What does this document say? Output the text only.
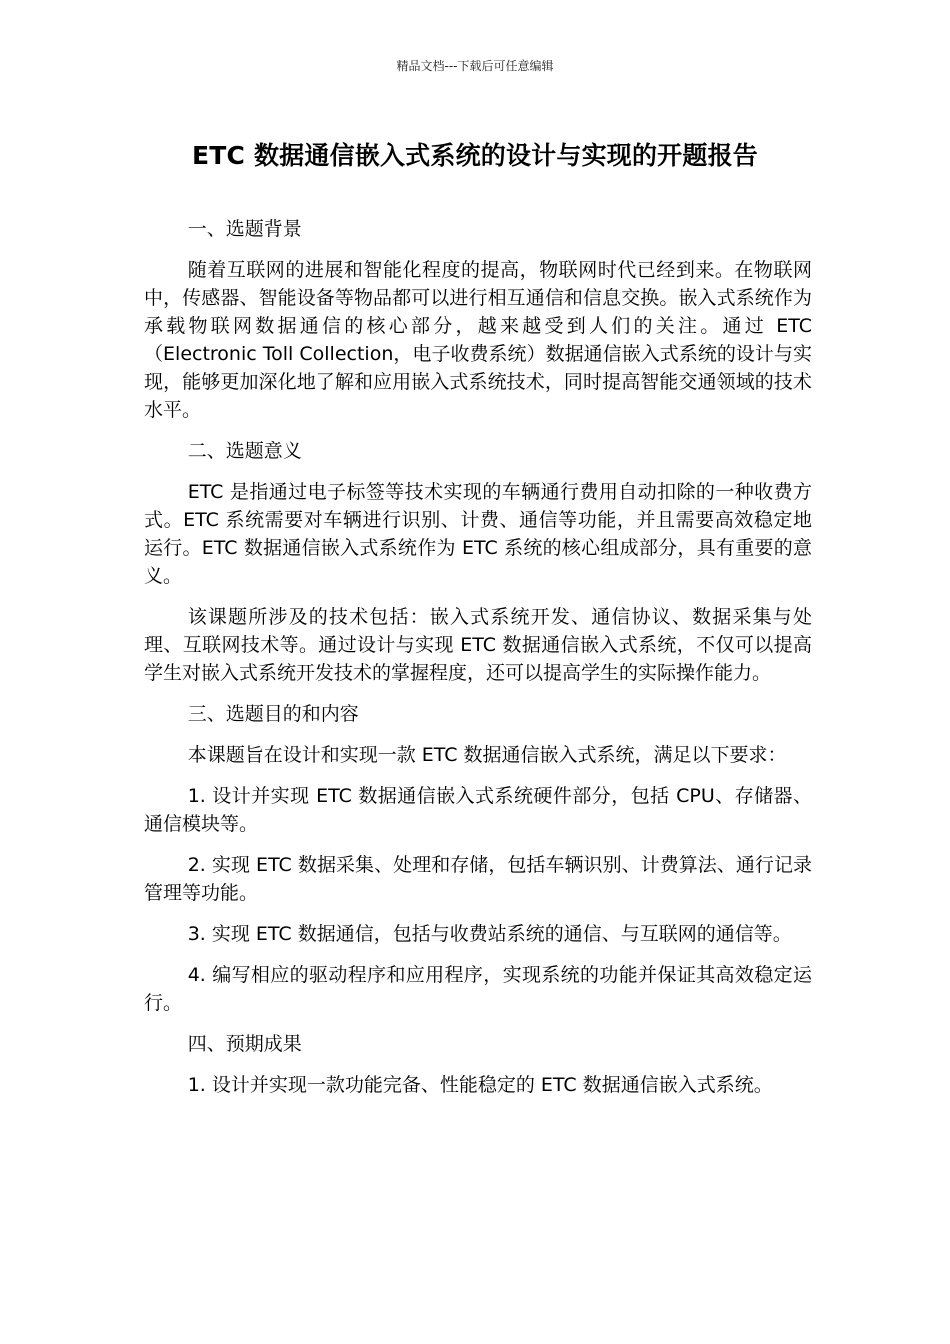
精品文档---下载后可任意编辑
ETC 数据通信嵌入式系统的设计与实现的开题报告

一、选题背景

随着互联网的进展和智能化程度的提高，物联网时代已经到来。在物联网中，传感器、智能设备等物品都可以进行相互通信和信息交换。嵌入式系统作为承载物联网数据通信的核心部分，越来越受到人们的关注。通过 ETC（Electronic Toll Collection，电子收费系统）数据通信嵌入式系统的设计与实现，能够更加深化地了解和应用嵌入式系统技术，同时提高智能交通领域的技术水平。

二、选题意义

ETC 是指通过电子标签等技术实现的车辆通行费用自动扣除的一种收费方式。ETC 系统需要对车辆进行识别、计费、通信等功能，并且需要高效稳定地运行。ETC 数据通信嵌入式系统作为 ETC 系统的核心组成部分，具有重要的意义。

该课题所涉及的技术包括：嵌入式系统开发、通信协议、数据采集与处理、互联网技术等。通过设计与实现 ETC 数据通信嵌入式系统，不仅可以提高学生对嵌入式系统开发技术的掌握程度，还可以提高学生的实际操作能力。

三、选题目的和内容

本课题旨在设计和实现一款 ETC 数据通信嵌入式系统，满足以下要求：

1. 设计并实现 ETC 数据通信嵌入式系统硬件部分，包括 CPU、存储器、通信模块等。

2. 实现 ETC 数据采集、处理和存储，包括车辆识别、计费算法、通行记录管理等功能。

3. 实现 ETC 数据通信，包括与收费站系统的通信、与互联网的通信等。

4. 编写相应的驱动程序和应用程序，实现系统的功能并保证其高效稳定运行。

四、预期成果

1. 设计并实现一款功能完备、性能稳定的 ETC 数据通信嵌入式系统。
